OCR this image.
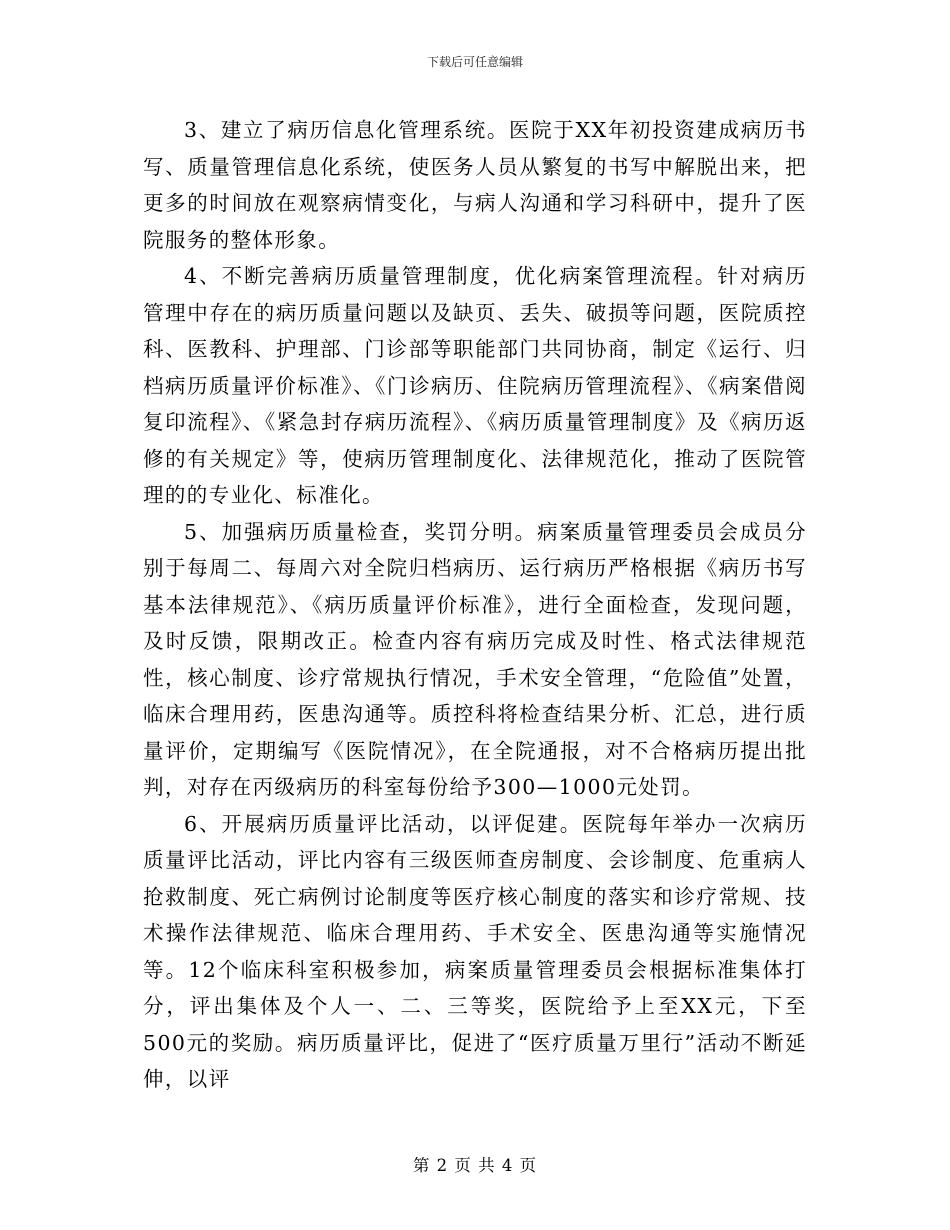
下载后可任意编辑

3、建立了病历信息化管理系统。医院于XX年初投资建成病历书写、质量管理信息化系统，使医务人员从繁复的书写中解脱出来，把更多的时间放在观察病情变化，与病人沟通和学习科研中，提升了医院服务的整体形象。

4、不断完善病历质量管理制度，优化病案管理流程。针对病历管理中存在的病历质量问题以及缺页、丢失、破损等问题，医院质控科、医教科、护理部、门诊部等职能部门共同协商，制定《运行、归档病历质量评价标准》、《门诊病历、住院病历管理流程》、《病案借阅复印流程》、《紧急封存病历流程》、《病历质量管理制度》及《病历返修的有关规定》等，使病历管理制度化、法律规范化，推动了医院管理的的专业化、标准化。

5、加强病历质量检查，奖罚分明。病案质量管理委员会成员分别于每周二、每周六对全院归档病历、运行病历严格根据《病历书写基本法律规范》、《病历质量评价标准》，进行全面检查，发现问题，及时反馈，限期改正。检查内容有病历完成及时性、格式法律规范性，核心制度、诊疗常规执行情况，手术安全管理，“危险值”处置，临床合理用药，医患沟通等。质控科将检查结果分析、汇总，进行质量评价，定期编写《医院情况》，在全院通报，对不合格病历提出批判，对存在丙级病历的科室每份给予300—1000元处罚。

6、开展病历质量评比活动，以评促建。医院每年举办一次病历质量评比活动，评比内容有三级医师查房制度、会诊制度、危重病人抢救制度、死亡病例讨论制度等医疗核心制度的落实和诊疗常规、技术操作法律规范、临床合理用药、手术安全、医患沟通等实施情况等。12个临床科室积极参加，病案质量管理委员会根据标准集体打分，评出集体及个人一、二、三等奖，医院给予上至XX元，下至500元的奖励。病历质量评比，促进了“医疗质量万里行”活动不断延伸，以评

第 2 页 共 4 页
